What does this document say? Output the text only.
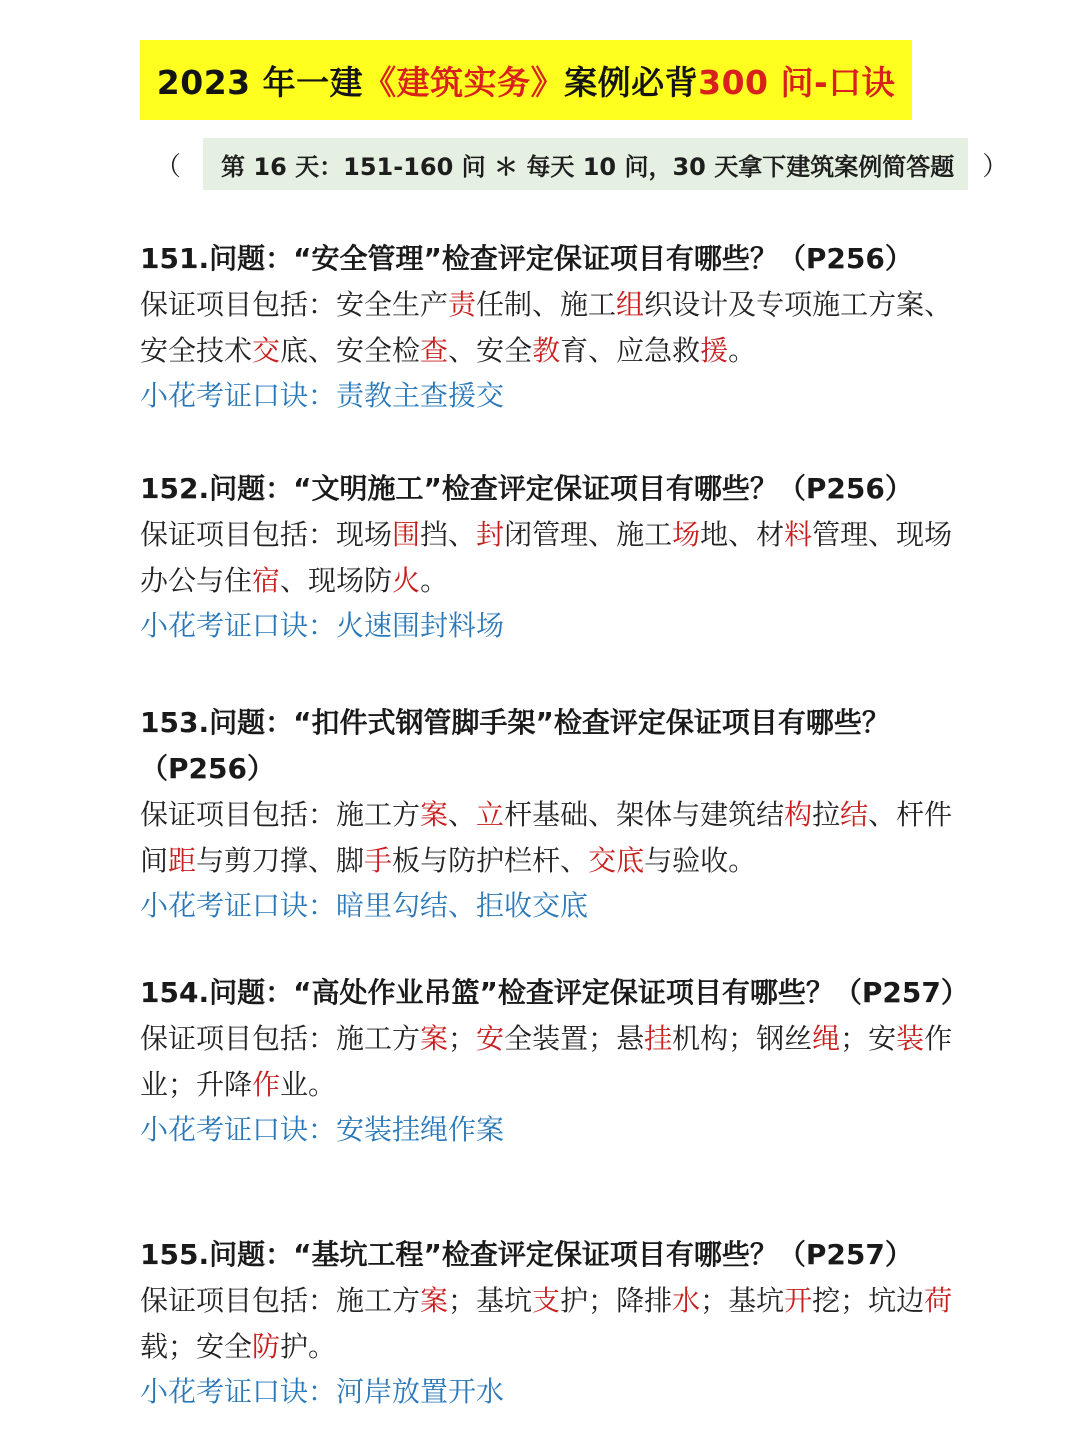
2023 年一建 《建筑实务》 案例必背 300 问-口诀
（ 第 16 天：151-160 问 ＊ 每天 10 问，30 天拿下建筑案例简答题 ）

151.问题：“安全管理”检查评定保证项目有哪些？（P256）

保证项目包括：安全生产责任制、施工组织设计及专项施工方案、安全技术交底、安全检查、安全教育、应急救援。

小花考证口诀：责教主查援交

152.问题：“文明施工”检查评定保证项目有哪些？（P256）

保证项目包括：现场围挡、封闭管理、施工场地、材料管理、现场办公与住宿、现场防火。

小花考证口诀：火速围封料场

153.问题：“扣件式钢管脚手架”检查评定保证项目有哪些？（P256）

保证项目包括：施工方案、立杆基础、架体与建筑结构拉结、杆件间距与剪刀撑、脚手板与防护栏杆、交底与验收。

小花考证口诀：暗里勾结、拒收交底

154.问题：“高处作业吊篮”检查评定保证项目有哪些？（P257）

保证项目包括：施工方案；安全装置；悬挂机构；钢丝绳；安装作业；升降作业。

小花考证口诀：安装挂绳作案

155.问题：“基坑工程”检查评定保证项目有哪些？（P257）

保证项目包括：施工方案；基坑支护；降排水；基坑开挖；坑边荷载；安全防护。

小花考证口诀：河岸放置开水
